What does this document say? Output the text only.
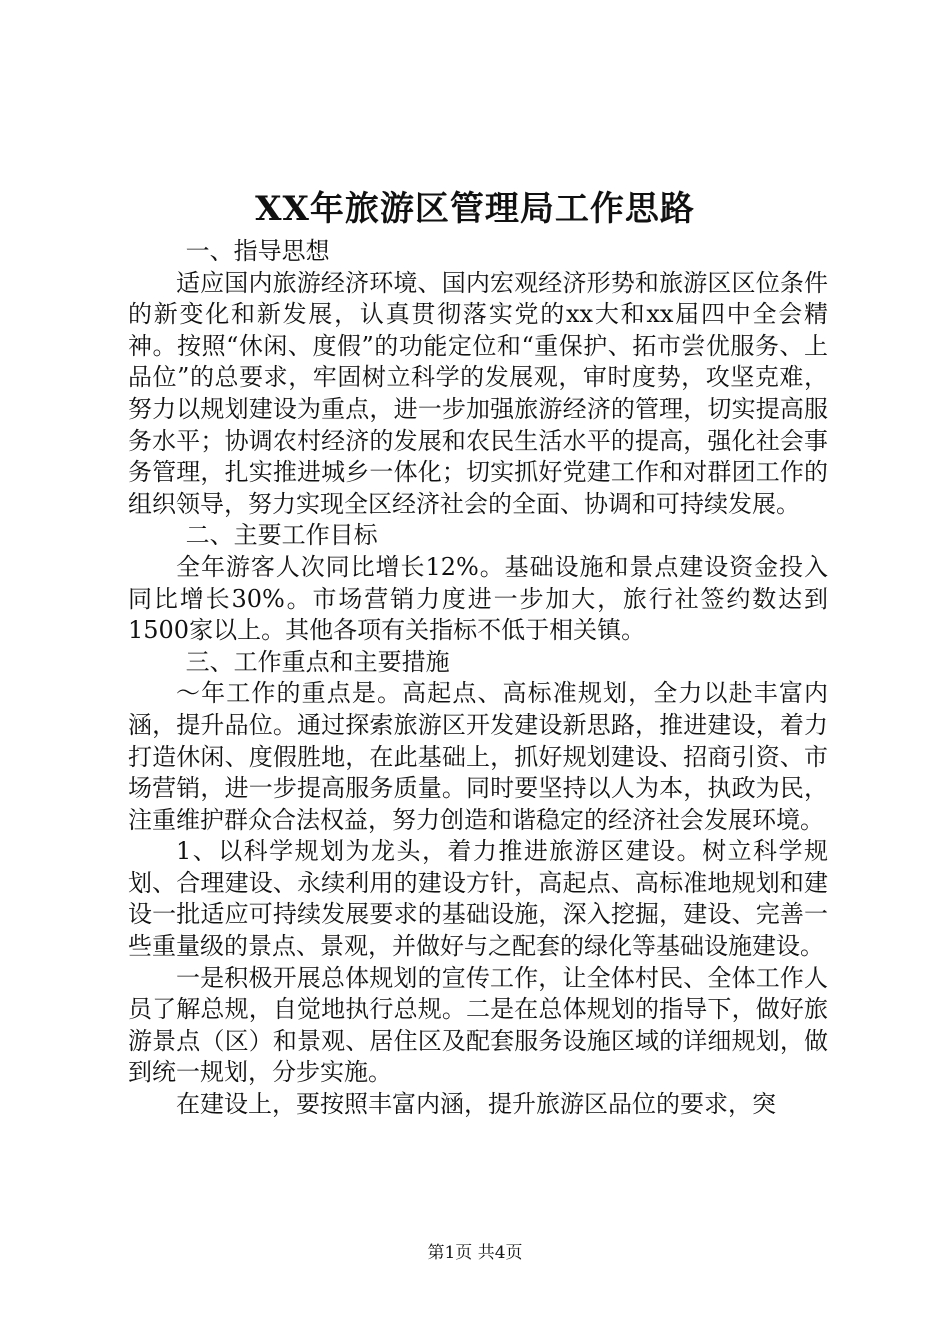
XX年旅游区管理局工作思路

一、指导思想

适应国内旅游经济环境、国内宏观经济形势和旅游区区位条件的新变化和新发展，认真贯彻落实党的xx大和xx届四中全会精神。按照“休闲、度假”的功能定位和“重保护、拓市尝优服务、上品位”的总要求，牢固树立科学的发展观，审时度势，攻坚克难，努力以规划建设为重点，进一步加强旅游经济的管理，切实提高服务水平；协调农村经济的发展和农民生活水平的提高，强化社会事务管理，扎实推进城乡一体化；切实抓好党建工作和对群团工作的组织领导，努力实现全区经济社会的全面、协调和可持续发展。

二、主要工作目标

全年游客人次同比增长12%。基础设施和景点建设资金投入同比增长30%。市场营销力度进一步加大，旅行社签约数达到1500家以上。其他各项有关指标不低于相关镇。

三、工作重点和主要措施

～年工作的重点是。高起点、高标准规划，全力以赴丰富内涵，提升品位。通过探索旅游区开发建设新思路，推进建设，着力打造休闲、度假胜地，在此基础上，抓好规划建设、招商引资、市场营销，进一步提高服务质量。同时要坚持以人为本，执政为民，注重维护群众合法权益，努力创造和谐稳定的经济社会发展环境。

1、以科学规划为龙头，着力推进旅游区建设。树立科学规划、合理建设、永续利用的建设方针，高起点、高标准地规划和建设一批适应可持续发展要求的基础设施，深入挖掘，建设、完善一些重量级的景点、景观，并做好与之配套的绿化等基础设施建设。

一是积极开展总体规划的宣传工作，让全体村民、全体工作人员了解总规，自觉地执行总规。二是在总体规划的指导下，做好旅游景点（区）和景观、居住区及配套服务设施区域的详细规划，做到统一规划，分步实施。

在建设上，要按照丰富内涵，提升旅游区品位的要求，突

第1页 共4页
